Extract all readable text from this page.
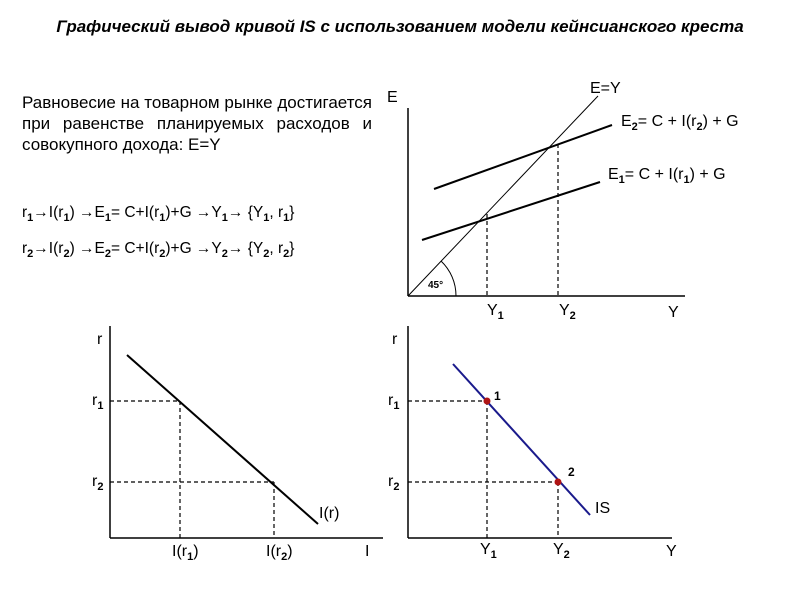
Графический вывод кривой IS с использованием модели кейнсианского креста
Равновесие на товарном рынке достигается при равенстве планируемых расходов и совокупного дохода: E=Y
$r_1\to I(r_1) \to E_1= C+I(r_1)+G \to Y_1\to \{Y_1$, $r_1$}
$r_2\to I(r_2) \to E_2= C+I(r_2)+G \to Y_2\to \{Y_2$, $r_2$}
E
Y
E=Y
45°
$E_2= C + I(r_2) + G$
$E_1= C + I(r_1) + G$
$Y_1$	$Y_2$
r
I
I(r)
$r_1$
$r_2$
$I(r_1)$	$I(r_2)$
1
2
IS
r
Y
$r_1$
$r_2$
$Y_1$	$Y_2$
